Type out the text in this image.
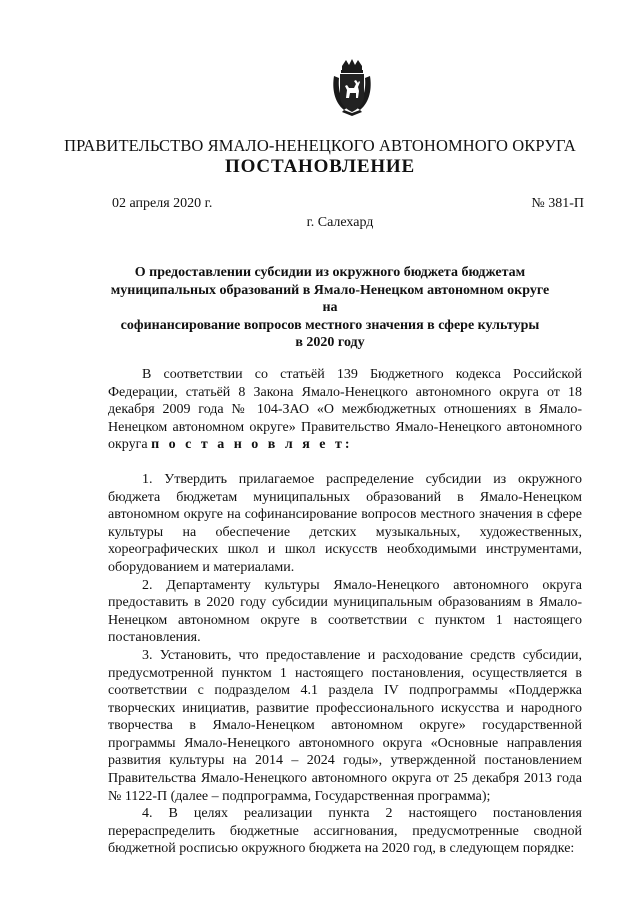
ПРАВИТЕЛЬСТВО ЯМАЛО-НЕНЕЦКОГО АВТОНОМНОГО ОКРУГА
ПОСТАНОВЛЕНИЕ
02 апреля 2020 г.	№ 381-П
г. Салехард
О предоставлении субсидии из окружного бюджета бюджетам
муниципальных образований в Ямало-Ненецком автономном округе на
софинансирование вопросов местного значения в сфере культуры
в 2020 году

В соответствии со статьёй 139 Бюджетного кодекса Российской Федерации, статьёй 8 Закона Ямало-Ненецкого автономного округа от 18 декабря 2009 года № 104-ЗАО «О межбюджетных отношениях в Ямало-Ненецком автономном округе» Правительство Ямало-Ненецкого автономного округа п о с т а н о в л я е т:

1. Утвердить прилагаемое распределение субсидии из окружного бюджета бюджетам муниципальных образований в Ямало-Ненецком автономном округе на софинансирование вопросов местного значения в сфере культуры на обеспечение детских музыкальных, художественных, хореографических школ и школ искусств необходимыми инструментами, оборудованием и материалами.

2. Департаменту культуры Ямало-Ненецкого автономного округа предоставить в 2020 году субсидии муниципальным образованиям в Ямало-Ненецком автономном округе в соответствии с пунктом 1 настоящего постановления.

3. Установить, что предоставление и расходование средств субсидии, предусмотренной пунктом 1 настоящего постановления, осуществляется в соответствии с подразделом 4.1 раздела IV подпрограммы «Поддержка творческих инициатив, развитие профессионального искусства и народного творчества в Ямало-Ненецком автономном округе» государственной программы Ямало-Ненецкого автономного округа «Основные направления развития культуры на 2014 – 2024 годы», утвержденной постановлением Правительства Ямало-Ненецкого автономного округа от 25 декабря 2013 года № 1122-П (далее – подпрограмма, Государственная программа);

4. В целях реализации пункта 2 настоящего постановления перераспределить бюджетные ассигнования, предусмотренные сводной бюджетной росписью окружного бюджета на 2020 год, в следующем порядке:
